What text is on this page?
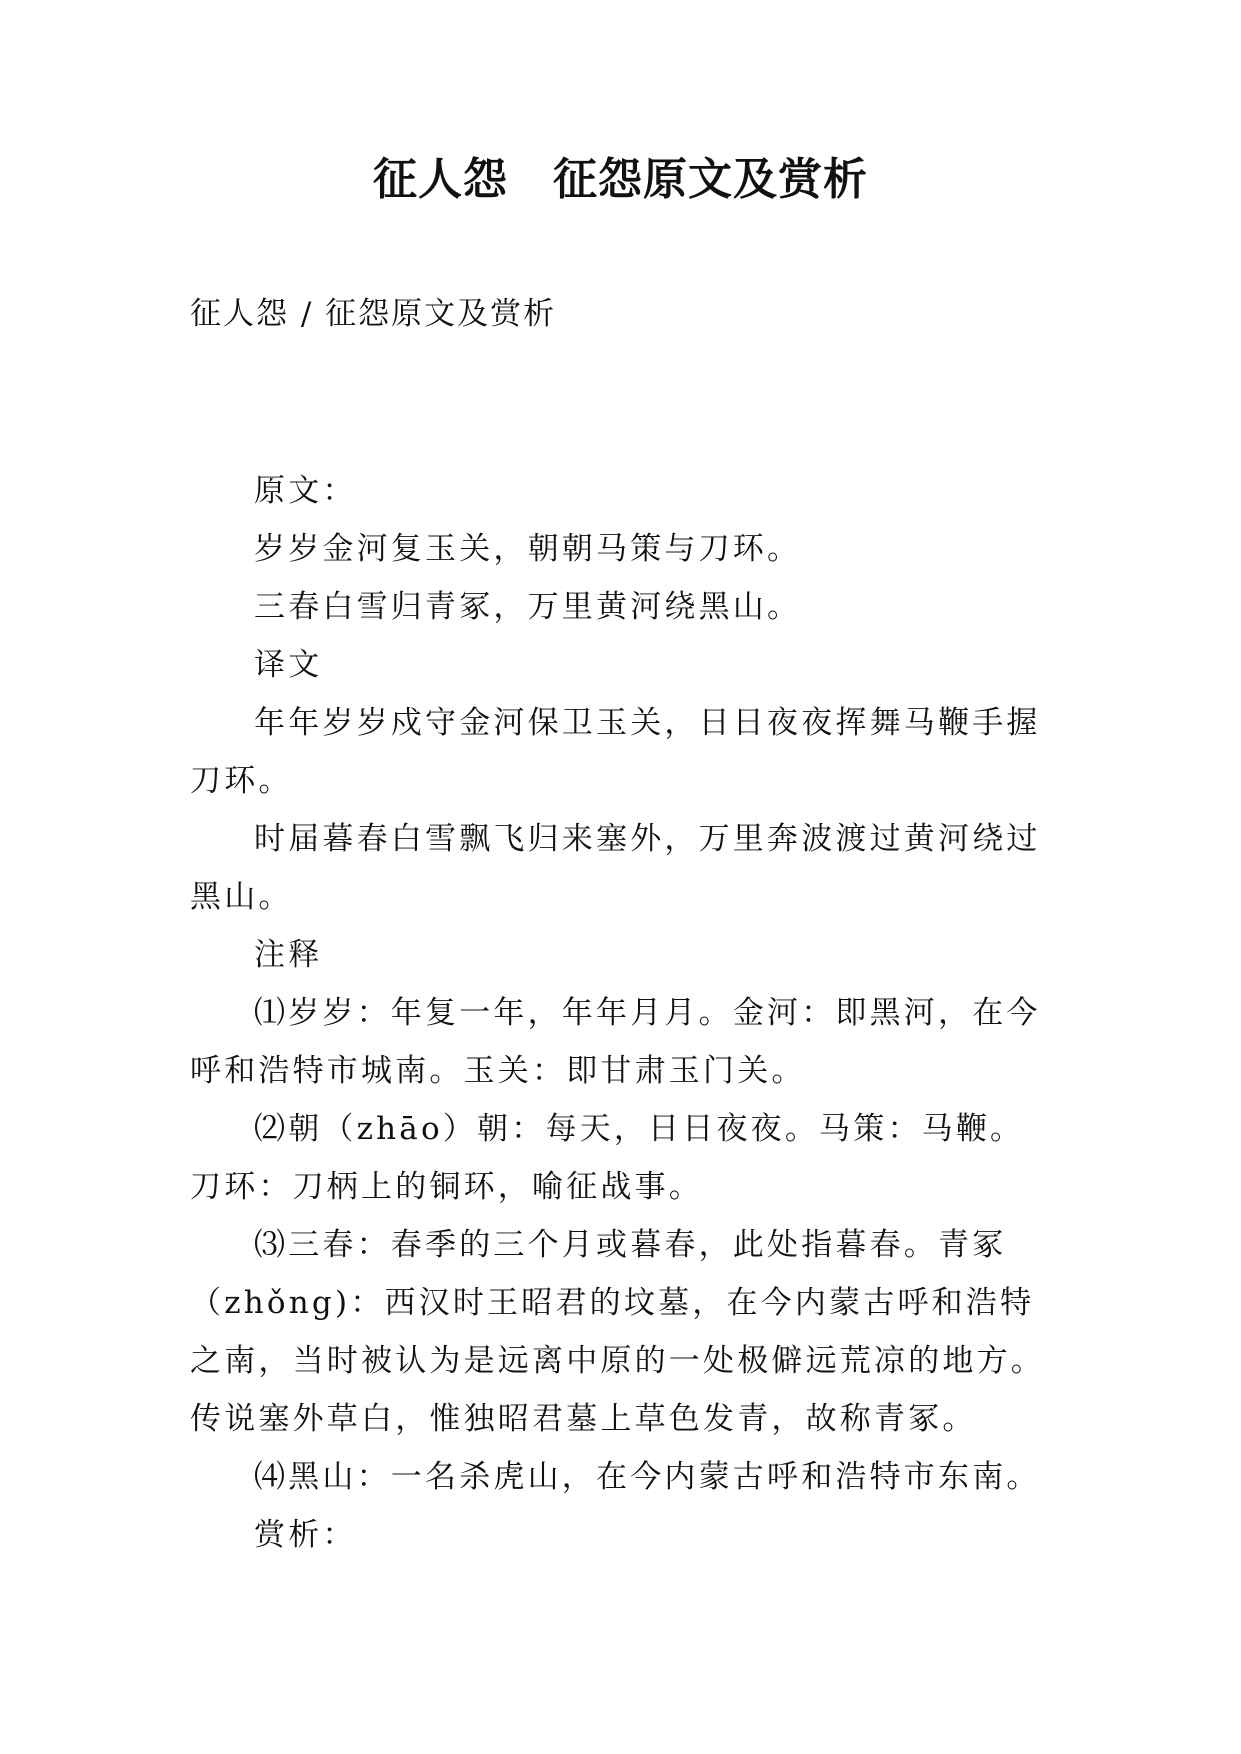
征人怨　征怨原文及赏析
征人怨 / 征怨原文及赏析

原文：

岁岁金河复玉关，朝朝马策与刀环。

三春白雪归青冢，万里黄河绕黑山。

译文

年年岁岁戍守金河保卫玉关，日日夜夜挥舞马鞭手握刀环。

时届暮春白雪飘飞归来塞外，万里奔波渡过黄河绕过黑山。

注释

⑴岁岁：年复一年，年年月月。金河：即黑河，在今呼和浩特市城南。玉关：即甘肃玉门关。

⑵朝（zhāo）朝：每天，日日夜夜。马策：马鞭。刀环：刀柄上的铜环，喻征战事。

⑶三春：春季的三个月或暮春，此处指暮春。青冢（zhǒng)：西汉时王昭君的坟墓，在今内蒙古呼和浩特之南，当时被认为是远离中原的一处极僻远荒凉的地方。传说塞外草白，惟独昭君墓上草色发青，故称青冢。

⑷黑山：一名杀虎山，在今内蒙古呼和浩特市东南。

赏析：
